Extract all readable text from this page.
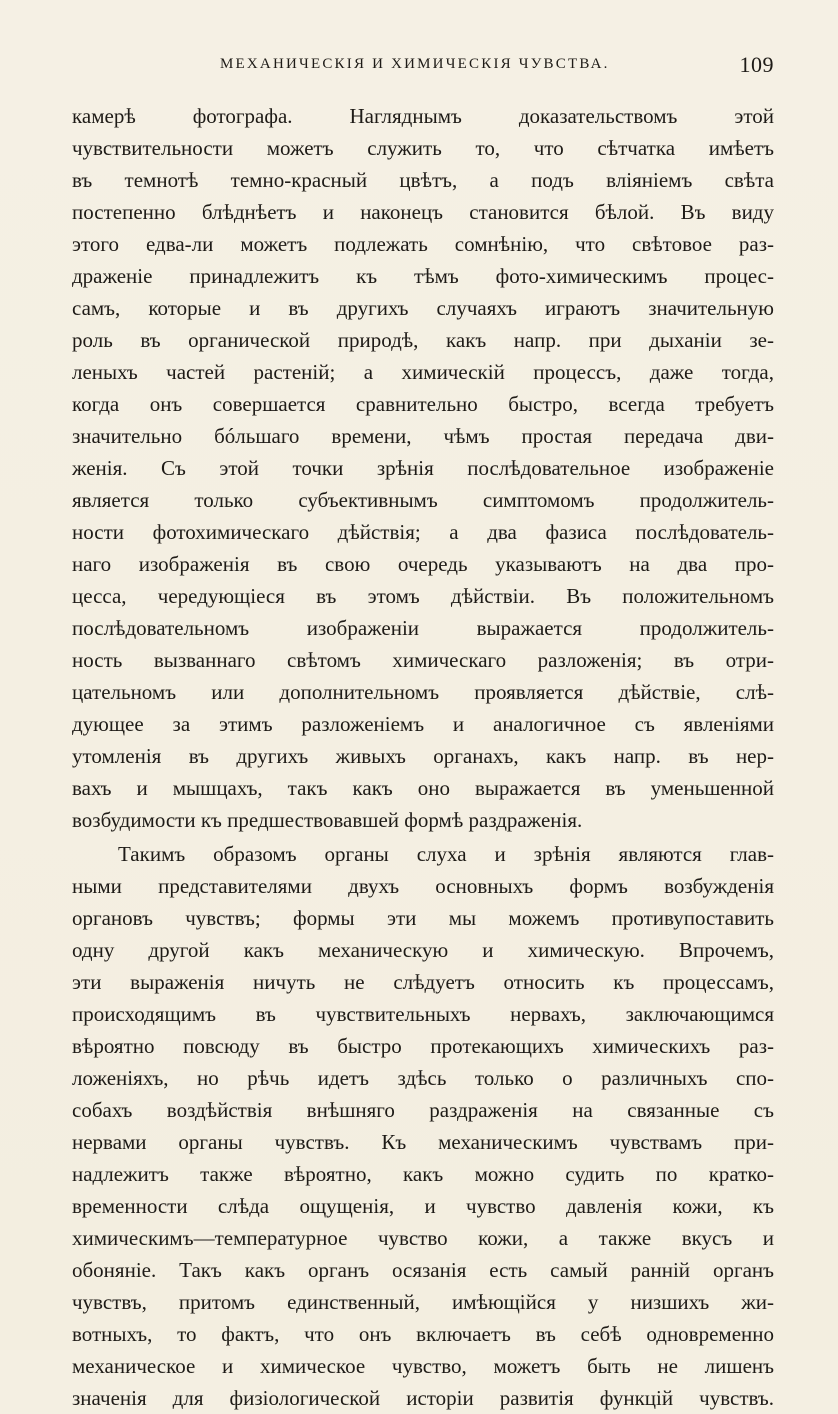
МЕХАНИЧЕСКІЯ И ХИМИЧЕСКІЯ ЧУВСТВА.	109
камерѣ фотографа. Нагляднымъ доказательствомъ этой
чувствительности можетъ служить то, что сѣтчатка имѣетъ
въ темнотѣ темно-красный цвѣтъ, а подъ вліяніемъ свѣта
постепенно блѣднѣетъ и наконецъ становится бѣлой. Въ виду
этого едва-ли можетъ подлежать сомнѣнію, что свѣтовое раз-
драженіе принадлежитъ къ тѣмъ фото-химическимъ процес-
самъ, которые и въ другихъ случаяхъ играютъ значительную
роль въ органической природѣ, какъ напр. при дыханіи зе-
леныхъ частей растеній; а химическій процессъ, даже тогда,
когда онъ совершается сравнительно быстро, всегда требуетъ
значительно бóльшаго времени, чѣмъ простая передача дви-
женія. Съ этой точки зрѣнія послѣдовательное изображеніе
является только субъективнымъ симптомомъ продолжитель-
ности фотохимическаго дѣйствія; а два фазиса послѣдователь-
наго изображенія въ свою очередь указываютъ на два про-
цесса, чередующіеся въ этомъ дѣйствіи. Въ положительномъ
послѣдовательномъ изображеніи выражается продолжитель-
ность вызваннаго свѣтомъ химическаго разложенія; въ отри-
цательномъ или дополнительномъ проявляется дѣйствіе, слѣ-
дующее за этимъ разложеніемъ и аналогичное съ явленіями
утомленія въ другихъ живыхъ органахъ, какъ напр. въ нер-
вахъ и мышцахъ, такъ какъ оно выражается въ уменьшенной
возбудимости къ предшествовавшей формѣ раздраженія.
Такимъ образомъ органы слуха и зрѣнія являются глав-
ными представителями двухъ основныхъ формъ возбужденія
органовъ чувствъ; формы эти мы можемъ противупоставить
одну другой какъ механическую и химическую. Впрочемъ,
эти выраженія ничуть не слѣдуетъ относить къ процессамъ,
происходящимъ въ чувствительныхъ нервахъ, заключающимся
вѣроятно повсюду въ быстро протекающихъ химическихъ раз-
ложеніяхъ, но рѣчь идетъ здѣсь только о различныхъ спо-
собахъ воздѣйствія внѣшняго раздраженія на связанные съ
нервами органы чувствъ. Къ механическимъ чувствамъ при-
надлежитъ также вѣроятно, какъ можно судить по кратко-
временности слѣда ощущенія, и чувство давленія кожи, къ
химическимъ—температурное чувство кожи, а также вкусъ и
обоняніе. Такъ какъ органъ осязанія есть самый ранній органъ
чувствъ, притомъ единственный, имѣющійся у низшихъ жи-
вотныхъ, то фактъ, что онъ включаетъ въ себѣ одновременно
механическое и химическое чувство, можетъ быть не лишенъ
значенія для физіологической исторіи развитія функцій чувствъ.
